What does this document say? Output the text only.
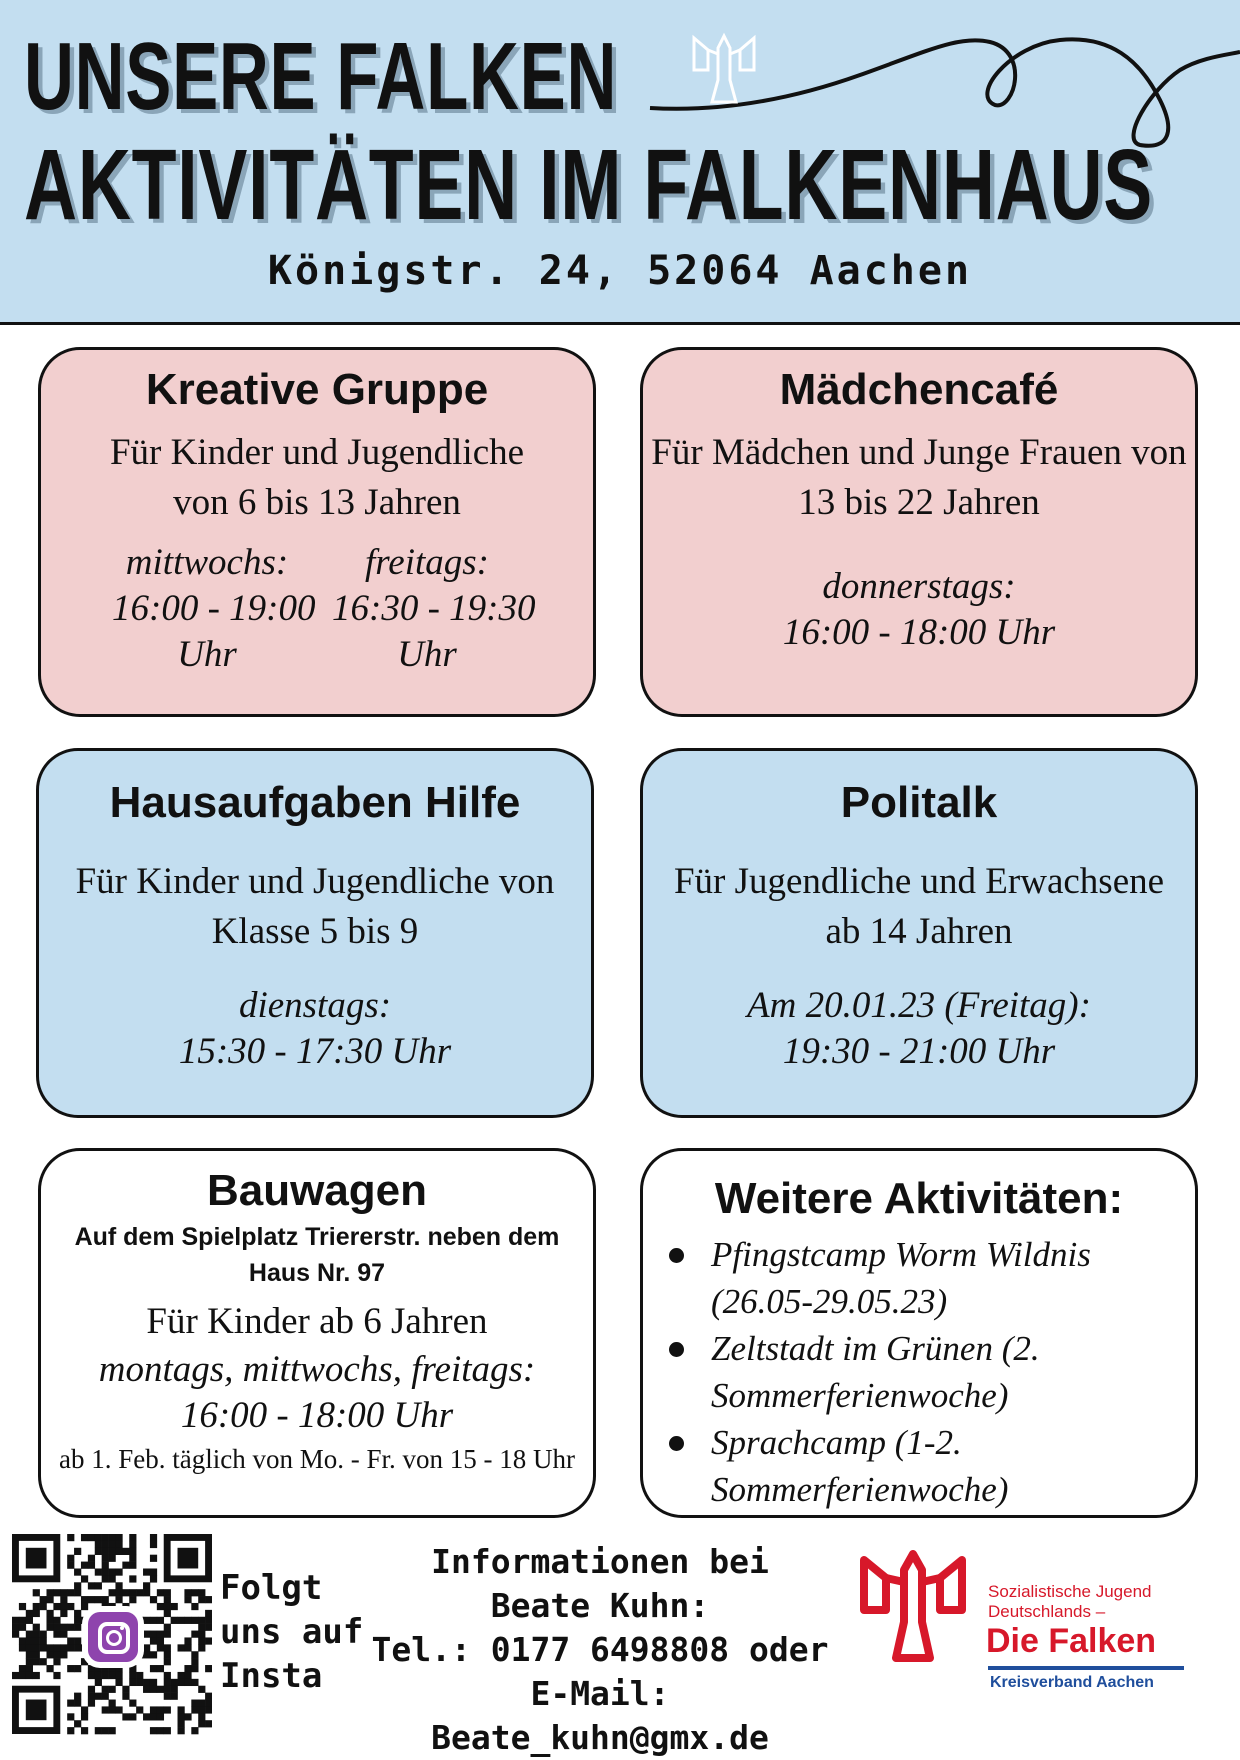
UNSERE FALKEN
AKTIVITÄTEN IM FALKENHAUS
Königstr. 24, 52064 Aachen
Kreative Gruppe
Für Kinder und Jugendliche
von 6 bis 13 Jahren
mittwochs:
16:00 - 19:00
Uhr
freitags:
16:30 - 19:30
Uhr
Mädchencafé
Für Mädchen und Junge Frauen von
13 bis 22 Jahren
donnerstags:
16:00 - 18:00 Uhr
Hausaufgaben Hilfe
Für Kinder und Jugendliche von
Klasse 5 bis 9
dienstags:
15:30 - 17:30 Uhr
Politalk
Für Jugendliche und Erwachsene
ab 14 Jahren
Am 20.01.23 (Freitag):
19:30 - 21:00 Uhr
Bauwagen
Auf dem Spielplatz Triererstr. neben dem
Haus Nr. 97
Für Kinder ab 6 Jahren
montags, mittwochs, freitags:
16:00 - 18:00 Uhr
ab 1. Feb. täglich von Mo. - Fr. von 15 - 18 Uhr
Weitere Aktivitäten:
Pfingstcamp Worm Wildnis (26.05-29.05.23)
Zeltstadt im Grünen (2. Sommerferienwoche)
Sprachcamp (1-2. Sommerferienwoche)
Folgt
uns auf
Insta
Informationen bei
Beate Kuhn:
Tel.: 0177 6498808 oder
E-Mail: Beate_kuhn@gmx.de
Sozialistische Jugend
Deutschlands –
Die Falken
Kreisverband Aachen
